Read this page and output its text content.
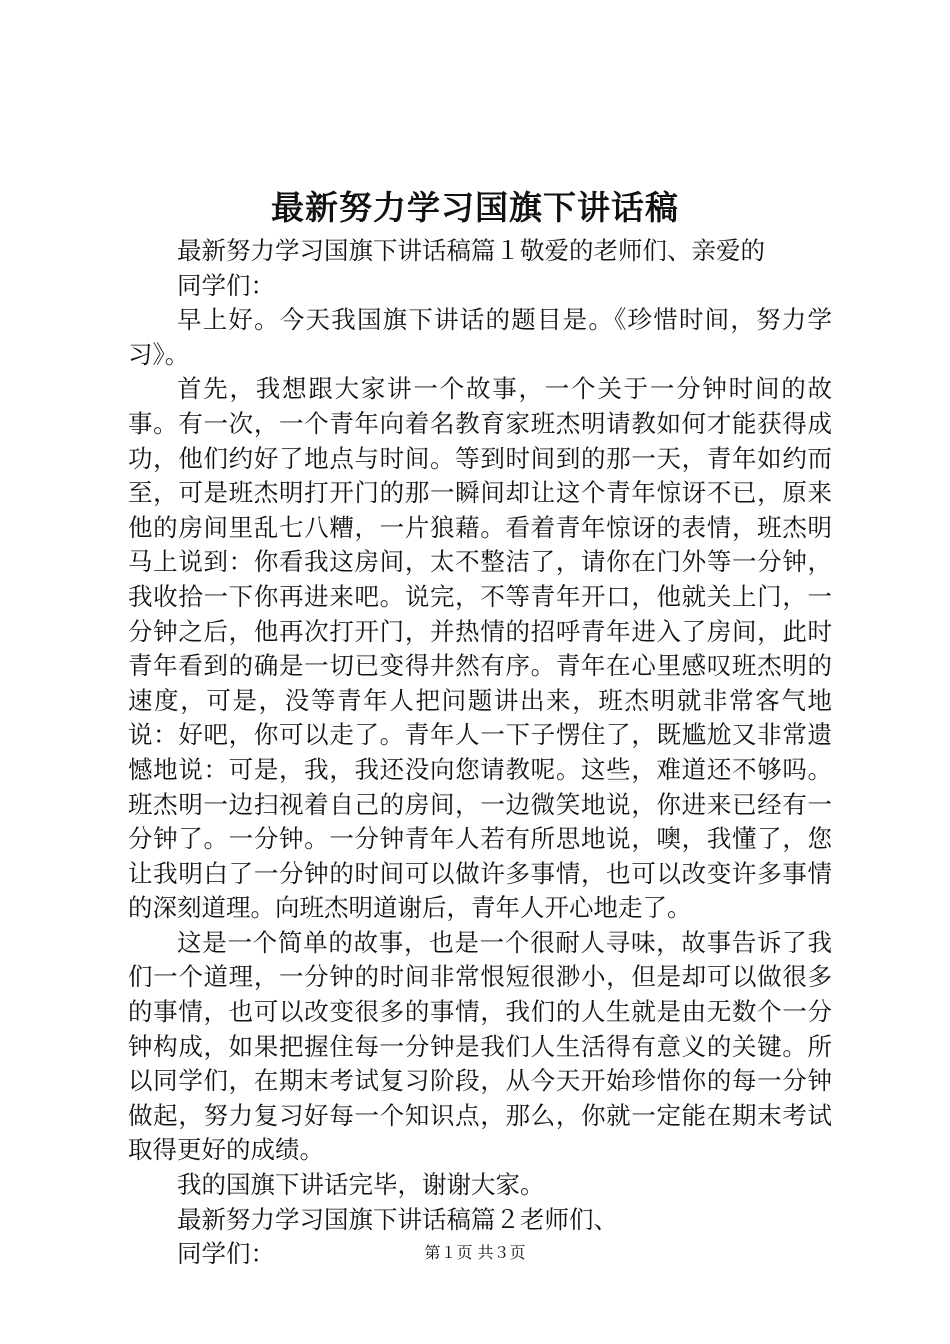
最新努力学习国旗下讲话稿

最新努力学习国旗下讲话稿篇１敬爱的老师们、亲爱的

同学们：

早上好。今天我国旗下讲话的题目是。《珍惜时间，努力学习》。

首先，我想跟大家讲一个故事，一个关于一分钟时间的故事。有一次，一个青年向着名教育家班杰明请教如何才能获得成功，他们约好了地点与时间。等到时间到的那一天，青年如约而至，可是班杰明打开门的那一瞬间却让这个青年惊讶不已，原来他的房间里乱七八糟，一片狼藉。看着青年惊讶的表情，班杰明马上说到：你看我这房间，太不整洁了，请你在门外等一分钟，我收拾一下你再进来吧。说完，不等青年开口，他就关上门，一分钟之后，他再次打开门，并热情的招呼青年进入了房间，此时青年看到的确是一切已变得井然有序。青年在心里感叹班杰明的速度，可是，没等青年人把问题讲出来，班杰明就非常客气地说：好吧，你可以走了。青年人一下子愣住了，既尴尬又非常遗憾地说：可是，我，我还没向您请教呢。这些，难道还不够吗。班杰明一边扫视着自己的房间，一边微笑地说，你进来已经有一分钟了。一分钟。一分钟青年人若有所思地说，噢，我懂了，您让我明白了一分钟的时间可以做许多事情，也可以改变许多事情的深刻道理。向班杰明道谢后，青年人开心地走了。

这是一个简单的故事，也是一个很耐人寻味，故事告诉了我们一个道理，一分钟的时间非常恨短很渺小，但是却可以做很多的事情，也可以改变很多的事情，我们的人生就是由无数个一分钟构成，如果把握住每一分钟是我们人生活得有意义的关键。所以同学们，在期末考试复习阶段，从今天开始珍惜你的每一分钟做起，努力复习好每一个知识点，那么，你就一定能在期末考试取得更好的成绩。

我的国旗下讲话完毕，谢谢大家。

最新努力学习国旗下讲话稿篇２老师们、

同学们：	第１页 共３页
